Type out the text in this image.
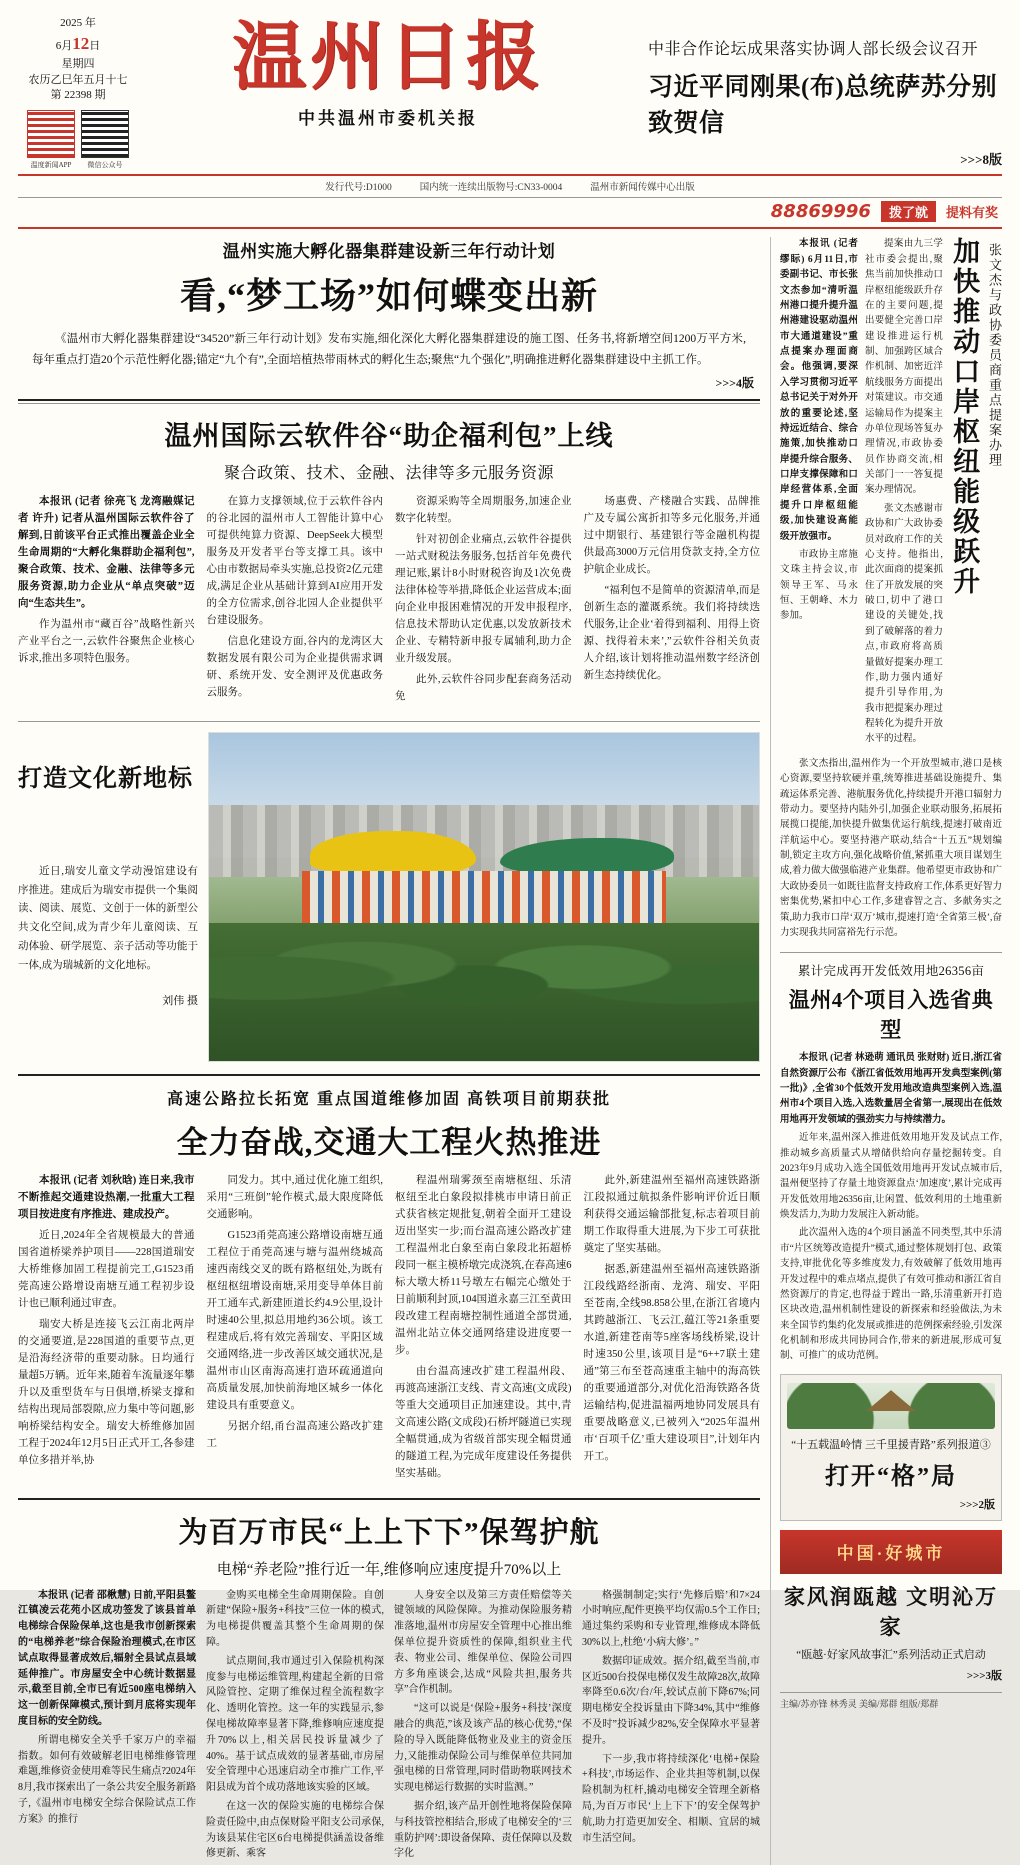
2025 年
6月12日
星期四
农历乙巳年五月十七
第 22398 期
温度新闻APP	微信公众号
温州日报
中共温州市委机关报
中非合作论坛成果落实协调人部长级会议召开
习近平同刚果(布)总统萨苏分别致贺信
>>>8版
发行代号:D1000	国内统一连续出版物号:CN33-0004	温州市新闻传媒中心出版
88869996	拨了就	提料有奖
温州实施大孵化器集群建设新三年行动计划
看,“梦工场”如何蝶变出新
《温州市大孵化器集群建设“34520”新三年行动计划》发布实施,细化深化大孵化器集群建设的施工图、任务书,将新增空间1200万平方米,每年重点打造20个示范性孵化器;锚定“九个有”,全面培植热带雨林式的孵化生态;聚焦“九个强化”,明确推进孵化器集群建设中主抓工作。
>>>4版
温州国际云软件谷“助企福利包”上线
聚合政策、技术、金融、法律等多元服务资源

本报讯 (记者 徐亮飞 龙湾融媒记者 许升) 记者从温州国际云软件谷了解到,日前该平台正式推出覆盖企业全生命周期的“大孵化集群助企福利包”,聚合政策、技术、金融、法律等多元服务资源,助力企业从“单点突破”迈向“生态共生”。

作为温州市“藏百谷”战略性新兴产业平台之一,云软件谷聚焦企业核心诉求,推出多项特色服务。

在算力支撑领域,位于云软件谷内的谷北园的温州市人工智能计算中心可提供纯算力资源、DeepSeek大模型服务及开发者平台等支撑工具。该中心由市数据局牵头实施,总投资2亿元建成,满足企业从基础计算到AI应用开发的全方位需求,创谷北园人企业提供平台建设服务。

信息化建设方面,谷内的龙湾区大数据发展有限公司为企业提供需求调研、系统开发、安全测评及优惠政务云服务。

资源采购等全周期服务,加速企业数字化转型。

针对初创企业痛点,云软件谷提供一站式财税法务服务,包括首年免费代理记账,累计8小时财税咨询及1次免费法律体检等举措,降低企业运营成本;面向企业申报困难情况的开发申报程序,信息技术帮助认定优惠,以发放新技术企业、专精特新申报专属辅利,助力企业升级发展。

此外,云软件谷同步配套商务活动免

场惠费、产楼融合实践、品牌推广及专属公寓折扣等多元化服务,并通过中期银行、基建银行等金融机构提供最高3000万元信用贷款支持,全方位护航企业成长。

“福利包不是简单的资源清单,而是创新生态的灌溉系统。我们将持续迭代服务,让企业‘着得到福利、用得上资源、找得着未来’,”云软件谷相关负责人介绍,该计划将推动温州数字经济创新生态持续优化。

打造文化新地标

近日,瑞安儿童文学动漫馆建设有序推进。建成后为瑞安市提供一个集阅读、阅读、展览、文创于一体的新型公共文化空间,成为青少年儿童阅读、互动体验、研学展览、亲子活动等功能于一体,成为瑞城新的文化地标。

刘伟 摄
高速公路拉长拓宽 重点国道维修加固 高铁项目前期获批
全力奋战,交通大工程火热推进

本报讯 (记者 刘秋晗) 连日来,我市不断推起交通建设热潮,一批重大工程项目按进度有序推进、建成投产。

近日,2024年全省规模最大的普通国省道桥梁养护项目——228国道瑞安大桥维修加固工程提前完工,G1523甬莞高速公路增设南塘互通工程初步设计也已顺利通过审查。

瑞安大桥是连接飞云江南北两岸的交通要道,是228国道的重要节点,更是沿海经济带的重要动脉。日均通行量超5万辆。近年来,随着车流量逐年攀升以及重型货车与日俱增,桥梁支撑和结构出现局部裂隙,应力集中等问题,影响桥梁结构安全。瑞安大桥维修加固工程于2024年12月5日正式开工,各参建单位多措并举,协

同发力。其中,通过优化施工组织,采用“三班倒”轮作模式,最大限度降低交通影响。

G1523甬莞高速公路增设南塘互通工程位于甬莞高速与塘与温州绕城高速西南线交叉的既有路枢纽处,为既有枢纽枢纽增设南塘,采用变导单体目前开工通车式,新建匝道长约4.9公里,设计时速40公里,拟总用地约36公顷。该工程建成后,将有效完善瑞安、平阳区域交通网络,进一步改善区域交通状况,是温州市山区南海高速打造环疏通道向高质量发展,加快前海地区城乡一体化建设具有重要意义。

另据介绍,甬台温高速公路改扩建工

程温州瑞雾颈至南塘枢纽、乐清枢纽至北白象段拟排桃市申请日前正式获省核定规批复,朝着全面开工建设迈出坚实一步;而台温高速公路改扩建工程温州北白象至南白象段北拓超桥段同一框主模桥墩完成浇筑,在春高速6标大墩大桥11号墩左右幅完心缴处于日前顺利封顶,104国道永嘉三江至黄田段改建工程南塘控制性通道全部贯通,温州北站立体交通网络建设进度要一步。

由台温高速改扩建工程温州段、再渡高速浙江支线、青文高速(文成段)等重大交通项目正加速建设。其中,青文高速公路(文成段)石桥坪隧道已实现全幅贯通,成为省级首部实现全幅贯通的隧道工程,为完成年度建设任务提供坚实基础。

此外,新建温州至福州高速铁路浙江段拟通过航拟条件影响评价近日顺利获得交通运输部批复,标志着项目前期工作取得重大进展,为下步工可获批奠定了坚实基础。

据悉,新建温州至福州高速铁路浙江段线路经浙南、龙湾、瑞安、平阳至苍南,全线98.858公里,在浙江省境内其跨越浙江、飞云江,蕴江等21条重要水道,新建苍南等5座客场线桥梁,设计时速350公里,该项目是“6++7联土建通”第三布至苍高速重主轴中的海高铁的重要通道部分,对优化沿海铁路各货运输结构,促进温福两地协同发展具有重要战略意义,已被列入“2025年温州市‘百项千亿’重大建设项目”,计划年内开工。

为百万市民“上上下下”保驾护航
电梯“养老险”推行近一年,维修响应速度提升70%以上

本报讯 (记者 邵楸慧) 日前,平阳县鳌江镇凌云花苑小区成功签发了该县首单电梯综合保险保单,这也是我市创新探索的“电梯养老”综合保险治理模式,在市区试点取得显著成效后,辐射全县试点县域延伸推广。市房屋安全中心统计数据显示,截至目前,全市已有近500座电梯纳入这一创新保障模式,预计到月底将实现年度目标的安全防线。

所谓电梯安全关乎千家万户的幸福指数。如何有效破解老旧电梯维修管理难题,维修资金使用难等民生痛点?2024年8月,我市探索出了一条公共安全服务新路子,《温州市电梯安全综合保险试点工作方案》的推行

金购买电梯全生命周期保险。自创新建“保险+服务+科技”三位一体的模式,为电梯提供覆盖其整个生命周期的保障。

试点期间,我市通过引入保险机构深度参与电梯运维管理,构建起全新的日常风险管控、定期了维保过程全流程数字化、透明化管控。这一年的实践显示,参保电梯故障率显著下降,维修响应速度提升70%以上,相关居民投诉量减少了40%。基于试点成效的显著基础,市房屋安全管理中心迅速启动全市推广工作,平阳县成为首个成功落地该实验的区域。

在这一次的保险实施的电梯综合保险责任险中,由点保财险平阳支公司承保,为该县某住宅区6台电梯提供涵盖设备维修更新、乘客

人身安全以及第三方责任赔偿等关键领域的风险保障。为推动保险服务精准落地,温州市房屋安全管理中心推出维保单位提升资质性的保障,组织业主代表、物业公司、维保单位、保险公司四方多角座谈会,达成“风险共担,服务共享”合作机制。

“这可以说是‘保险+服务+科技’深度融合的典范,”该及该产品的核心优势,“保险的导入既能降低物业及业主的资金压力,又能推动保险公司与维保单位共同加强电梯的日常管理,同时借助物联网技术实现电梯运行数据的实时监测。”

据介绍,该产品开创性地将保险保障与科技管控相结合,形成了电梯安全的‘三重防护网’:即设备保障、责任保障以及数字化

格强制制定;实行‘先修后赔’和7×24小时响应,配件更换平均仅需0.5个工作日;通过集约采购和专业管理,维修成本降低30%以上,杜绝‘小病大修’。”

数据印证成效。据介绍,截至当前,市区近500台投保电梯仅发生故障28次,故障率降至0.6次/台/年,较试点前下降67%;同期电梯安全投诉量由下降34%,其中“维修不及时”投诉减少82%,安全保障水平显著提升。

下一步,我市将持续深化‘电梯+保险+科技’,市场运作、企业共担等机制,以保险机制为杠杆,撬动电梯安全管理全新格局,为百万市民‘上上下下’的安全保驾护航,助力打造更加安全、相顺、宜居的城市生活空间。

本报讯 (记者 缪眎) 6月11日,市委副书记、市长张文杰参加“清听温州港口提升提升温州港建设驱动温州市大通道建设”重点提案办理面商会。他强调,要深入学习贯彻习近平总书记关于对外开放的重要论述,坚持远近结合、综合施策,加快推动口岸提升综合服务、口岸支撑保障和口岸经营体系,全面提升口岸枢纽能级,加快建设高能级开放强市。

市政协主席施文珠主持会议,市领导王军、马永恒、王朝峰、木力参加。

提案由九三学社市委会提出,聚焦当前加快推动口岸枢纽能级跃升存在的主要问题,提出要健全完善口岸建设推进运行机制、加强跨区域合作机制、加密近洋航线服务方面提出对策建议。市交通运输局作为提案主办单位现场答复办理情况,市政协委员作协商交流,相关部门一一答复提案办理情况。

张文杰感谢市政协和广大政协委员对政府工作的关心支持。他指出,此次面商的提案抓住了开放发展的突破口,切中了港口建设的关键处,找到了破解落的着力点,市政府将高质量做好提案办理工作,助力强内通好提升引导作用,为我市把提案办理过程转化为提升开放水平的过程。

加快推动口岸枢纽能级跃升 张文杰与政协委员商重点提案办理

张文杰指出,温州作为一个开放型城市,港口是核心资源,要坚持软硬并重,统筹推进基础设施提升、集疏运体系完善、港航服务优化,持续提升开港口辐射力带动力。要坚持内陆外引,加强企业联动服务,拓展拓展揽口提能,加快提升做集优运行航线,提速打破南近洋航运中心。要坚持港产联动,结合“十五五”规划编制,锁定主攻方向,强化战略价值,紧抓重大项目谋划生成,着力做大做强临港产业集群。他希望更市政协和广大政协委员一如既往监督支持政府工作,体系更好智力密集优势,紧扣中心工作,多建睿智之言、多献务实之策,助力我市口岸‘双万’城市,提速打造‘全省第三极’,奋力实现我共同富裕先行示范。

累计完成再开发低效用地26356亩
温州4个项目入选省典型

本报讯 (记者 林逊萌 通讯员 张财财) 近日,浙江省自然资源厅公布《浙江省低效用地再开发典型案例(第一批)》,全省30个低效开发用地改造典型案例入选,温州市4个项目入选,入选数量居全省第一,展现出在低效用地再开发领域的强劲实力与持续潜力。

近年来,温州深入推进低效用地开发及试点工作,推动城乡高质量式从增储供给向存量挖掘转变。自2023年9月成功入选全国低效用地再开发试点城市后,温州便坚持了存量土地资源盘点‘加速度’,累计完成再开发低效用地26356亩,让闲置、低效利用的土地重新焕发活力,为助力发展注入新动能。

此次温州入选的4个项目涵盖不同类型,其中乐清市“片区统筹改造提升”模式,通过整体规划打包、政策支持,审批优化等多维度发力,有效破解了低效用地再开发过程中的难点堵点,提供了有效可推动和浙江省自然资源厅的肯定,也得益于蹚出一路,乐清重新开打造区块改造,温州机制性建设的新探索和经验做法,为未来全国节约集约化发展或推进的范例探索经验,引发深化机制和形成共同协同合作,带来的新进展,形成可复制、可推广的成功范例。

“十五载温岭情 三千里援青路”系列报道③
打开“格”局
>>>2版
中国·好城市
家风润瓯越 文明沁万家
“瓯越·好家风故事汇”系列活动正式启动
>>>3版
主编/苏亦锋 林秀灵 美编/郑群 组版/郑群
